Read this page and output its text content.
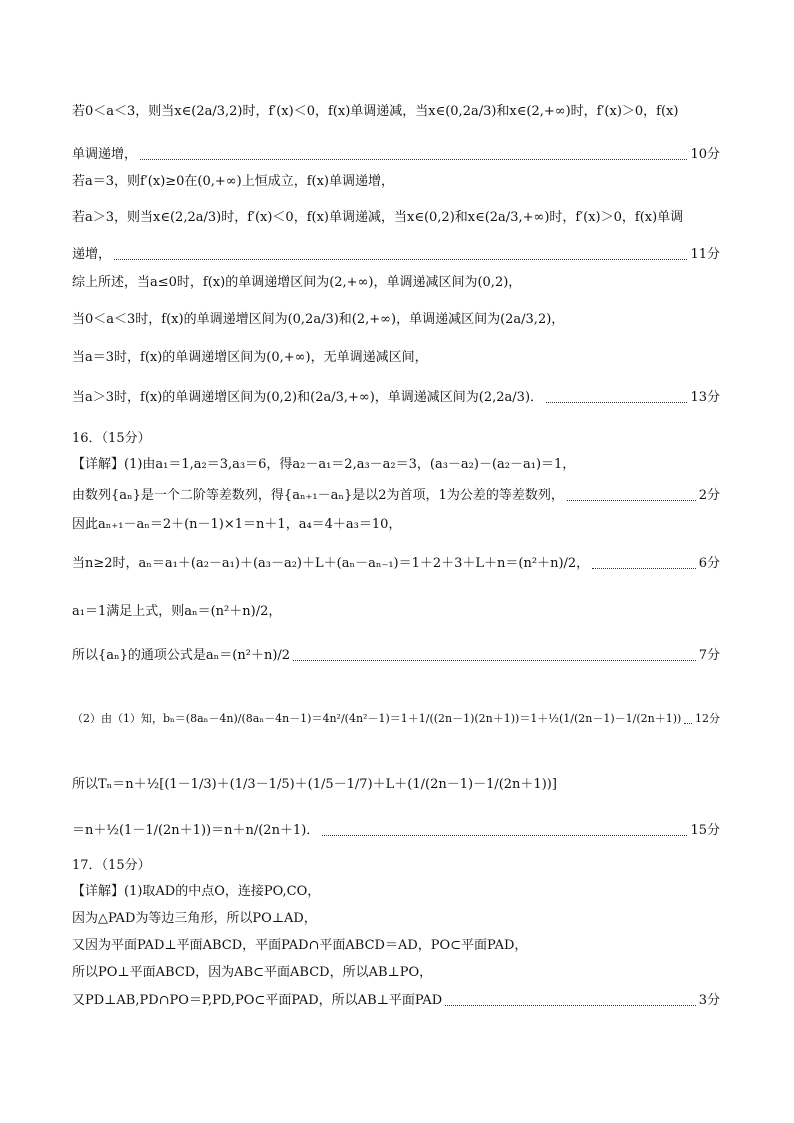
若0＜a＜3，则当x∈(2a/3,2)时，f′(x)＜0，f(x)单调递减，当x∈(0,2a/3)和x∈(2,+∞)时，f′(x)＞0，f(x)
单调递增，	10分
若a＝3，则f′(x)≥0在(0,+∞)上恒成立，f(x)单调递增，
若a＞3，则当x∈(2,2a/3)时，f′(x)＜0，f(x)单调递减，当x∈(0,2)和x∈(2a/3,+∞)时，f′(x)＞0，f(x)单调
递增，	11分
综上所述，当a≤0时，f(x)的单调递增区间为(2,+∞)，单调递减区间为(0,2)，
当0＜a＜3时，f(x)的单调递增区间为(0,2a/3)和(2,+∞)，单调递减区间为(2a/3,2)，
当a＝3时，f(x)的单调递增区间为(0,+∞)，无单调递减区间，
当a＞3时，f(x)的单调递增区间为(0,2)和(2a/3,+∞)，单调递减区间为(2,2a/3)．	13分
16．（15分）
【详解】(1)由a₁＝1,a₂＝3,a₃＝6，得a₂－a₁＝2,a₃－a₂＝3，(a₃－a₂)－(a₂－a₁)＝1，
由数列{aₙ}是一个二阶等差数列，得{aₙ₊₁－aₙ}是以2为首项，1为公差的等差数列，	2分
因此aₙ₊₁－aₙ＝2＋(n－1)×1＝n＋1，a₄＝4＋a₃＝10，
当n≥2时，aₙ＝a₁＋(a₂－a₁)＋(a₃－a₂)＋L＋(aₙ－aₙ₋₁)＝1＋2＋3＋L＋n＝(n²＋n)/2，	6分
a₁＝1满足上式，则aₙ＝(n²＋n)/2，
所以{aₙ}的通项公式是aₙ＝(n²＋n)/2	7分
（2）由（1）知，bₙ＝(8aₙ－4n)/(8aₙ－4n－1)＝4n²/(4n²－1)＝1＋1/((2n－1)(2n＋1))＝1＋½(1/(2n－1)－1/(2n＋1)) 12分
所以Tₙ＝n＋½[(1－1/3)＋(1/3－1/5)＋(1/5－1/7)＋L＋(1/(2n－1)－1/(2n＋1))]
＝n＋½(1－1/(2n＋1))＝n＋n/(2n＋1)．	15分
17．（15分）
【详解】(1)取AD的中点O，连接PO,CO，
因为△PAD为等边三角形，所以PO⊥AD，
又因为平面PAD⊥平面ABCD，平面PAD∩平面ABCD＝AD，PO⊂平面PAD，
所以PO⊥平面ABCD，因为AB⊂平面ABCD，所以AB⊥PO，
又PD⊥AB,PD∩PO＝P,PD,PO⊂平面PAD，所以AB⊥平面PAD	3分
